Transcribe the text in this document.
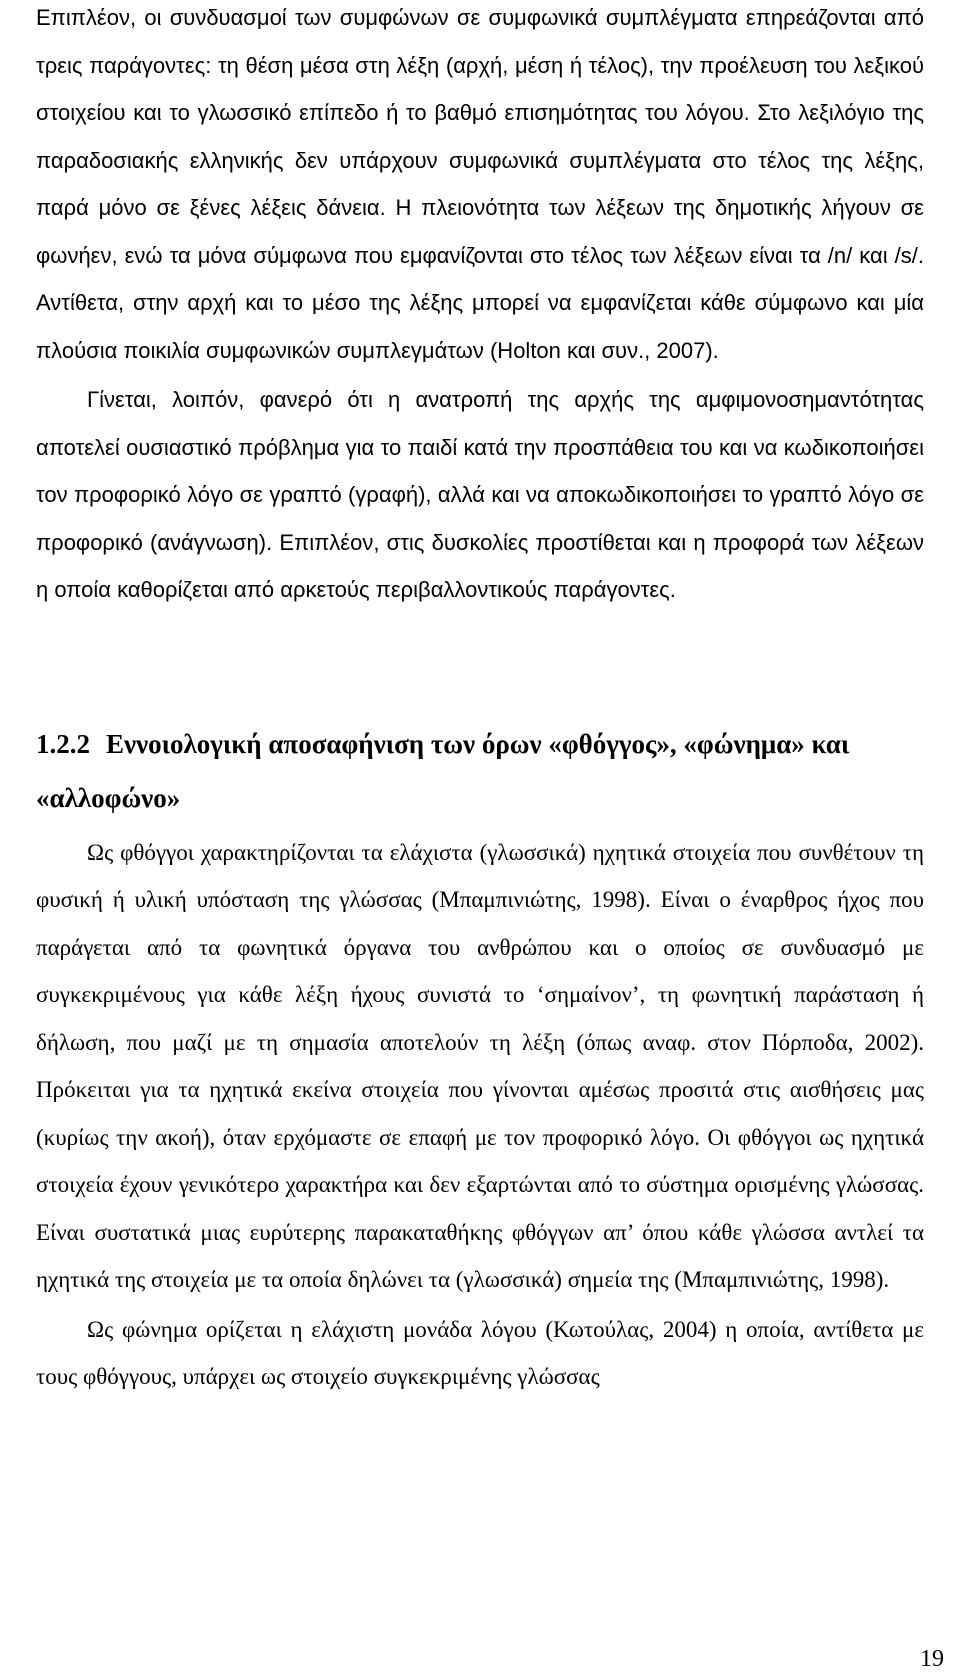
Επιπλέον, οι συνδυασμοί των συμφώνων σε συμφωνικά συμπλέγματα επηρεάζονται από τρεις παράγοντες: τη θέση μέσα στη λέξη (αρχή, μέση ή τέλος), την προέλευση του λεξικού στοιχείου και το γλωσσικό επίπεδο ή το βαθμό επισημότητας του λόγου. Στο λεξιλόγιο της παραδοσιακής ελληνικής δεν υπάρχουν συμφωνικά συμπλέγματα στο τέλος της λέξης, παρά μόνο σε ξένες λέξεις δάνεια. Η πλειονότητα των λέξεων της δημοτικής λήγουν σε φωνήεν, ενώ τα μόνα σύμφωνα που εμφανίζονται στο τέλος των λέξεων είναι τα /n/ και /s/. Αντίθετα, στην αρχή και το μέσο της λέξης μπορεί να εμφανίζεται κάθε σύμφωνο και μία πλούσια ποικιλία συμφωνικών συμπλεγμάτων (Holton και συν., 2007).

Γίνεται, λοιπόν, φανερό ότι η ανατροπή της αρχής της αμφιμονοσημαντότητας αποτελεί ουσιαστικό πρόβλημα για το παιδί κατά την προσπάθεια του και να κωδικοποιήσει τον προφορικό λόγο σε γραπτό (γραφή), αλλά και να αποκωδικοποιήσει το γραπτό λόγο σε προφορικό (ανάγνωση). Επιπλέον, στις δυσκολίες προστίθεται και η προφορά των λέξεων η οποία καθορίζεται από αρκετούς περιβαλλοντικούς παράγοντες.

1.2.2 Εννοιολογική αποσαφήνιση των όρων «φθόγγος», «φώνημα» και «αλλοφώνο»

Ως φθόγγοι χαρακτηρίζονται τα ελάχιστα (γλωσσικά) ηχητικά στοιχεία που συνθέτουν τη φυσική ή υλική υπόσταση της γλώσσας (Μπαμπινιώτης, 1998). Είναι ο έναρθρος ήχος που παράγεται από τα φωνητικά όργανα του ανθρώπου και ο οποίος σε συνδυασμό με συγκεκριμένους για κάθε λέξη ήχους συνιστά το ‘σημαίνον’, τη φωνητική παράσταση ή δήλωση, που μαζί με τη σημασία αποτελούν τη λέξη (όπως αναφ. στον Πόρποδα, 2002). Πρόκειται για τα ηχητικά εκείνα στοιχεία που γίνονται αμέσως προσιτά στις αισθήσεις μας (κυρίως την ακοή), όταν ερχόμαστε σε επαφή με τον προφορικό λόγο. Οι φθόγγοι ως ηχητικά στοιχεία έχουν γενικότερο χαρακτήρα και δεν εξαρτώνται από το σύστημα ορισμένης γλώσσας. Είναι συστατικά μιας ευρύτερης παρακαταθήκης φθόγγων απ’ όπου κάθε γλώσσα αντλεί τα ηχητικά της στοιχεία με τα οποία δηλώνει τα (γλωσσικά) σημεία της (Μπαμπινιώτης, 1998).

Ως φώνημα ορίζεται η ελάχιστη μονάδα λόγου (Κωτούλας, 2004) η οποία, αντίθετα με τους φθόγγους, υπάρχει ως στοιχείο συγκεκριμένης γλώσσας

19
